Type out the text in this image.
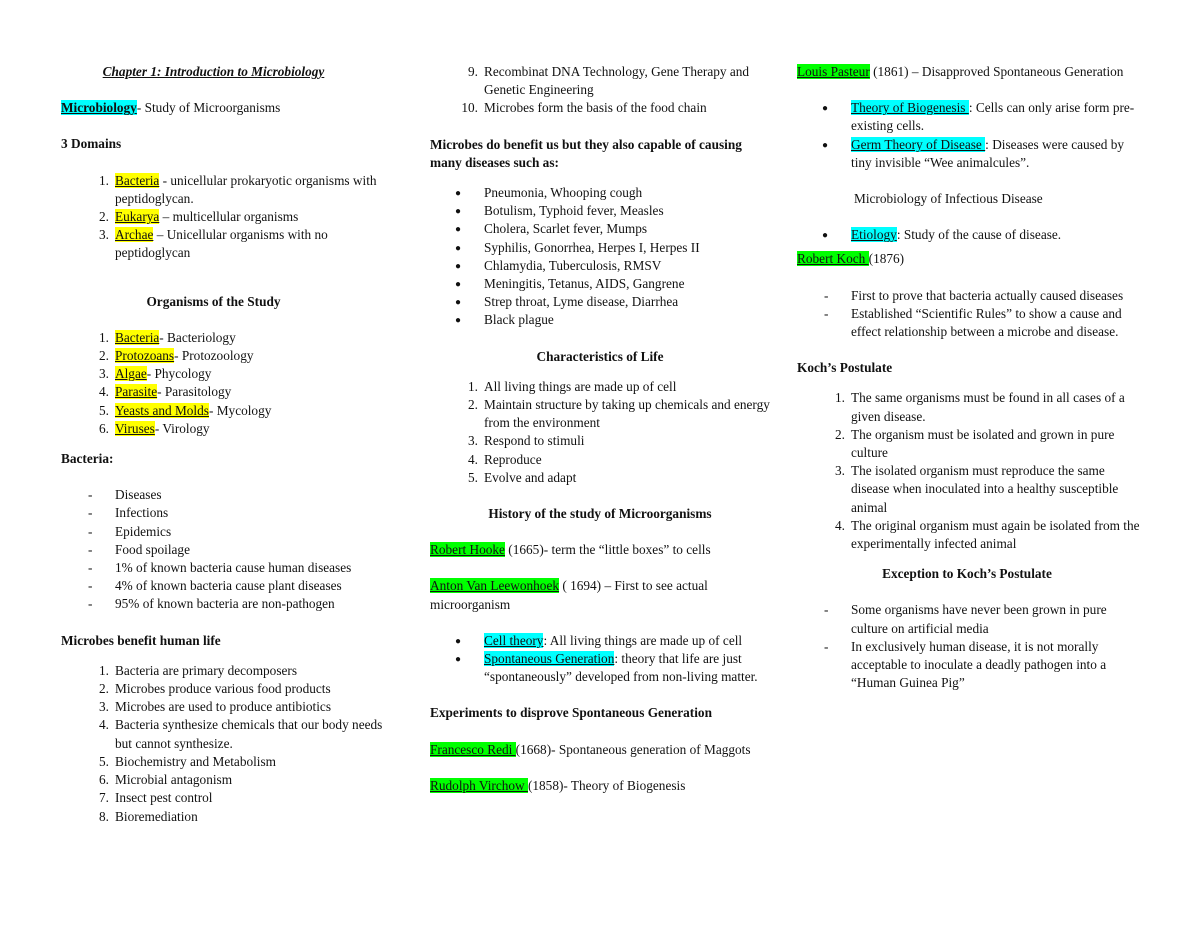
Chapter 1: Introduction to Microbiology

Microbiology- Study of Microorganisms

3 Domains

1. Bacteria - unicellular prokaryotic organisms with peptidoglycan.
2. Eukarya – multicellular organisms
3. Archae – Unicellular organisms with no peptidoglycan

Organisms of the Study

1. Bacteria- Bacteriology
2. Protozoans- Protozoology
3. Algae- Phycology
4. Parasite- Parasitology
5. Yeasts and Molds- Mycology
6. Viruses- Virology

Bacteria:

- Diseases
- Infections
- Epidemics
- Food spoilage
- 1% of known bacteria cause human diseases
- 4% of known bacteria cause plant diseases
- 95% of known bacteria are non-pathogen

Microbes benefit human life

1. Bacteria are primary decomposers
2. Microbes produce various food products
3. Microbes are used to produce antibiotics
4. Bacteria synthesize chemicals that our body needs but cannot synthesize.
5. Biochemistry and Metabolism
6. Microbial antagonism
7. Insect pest control
8. Bioremediation
9. Recombinat DNA Technology, Gene Therapy and Genetic Engineering
10. Microbes form the basis of the food chain

Microbes do benefit us but they also capable of causing many diseases such as:

● Pneumonia, Whooping cough
● Botulism, Typhoid fever, Measles
● Cholera, Scarlet fever, Mumps
● Syphilis, Gonorrhea, Herpes I, Herpes II
● Chlamydia, Tuberculosis, RMSV
● Meningitis, Tetanus, AIDS, Gangrene
● Strep throat, Lyme disease, Diarrhea
● Black plague

Characteristics of Life

1. All living things are made up of cell
2. Maintain structure by taking up chemicals and energy from the environment
3. Respond to stimuli
4. Reproduce
5. Evolve and adapt

History of the study of Microorganisms

Robert Hooke (1665)- term the “little boxes” to cells

Anton Van Leewonhoek ( 1694) – First to see actual microorganism

● Cell theory: All living things are made up of cell
● Spontaneous Generation: theory that life are just “spontaneously” developed from non-living matter.

Experiments to disprove Spontaneous Generation

Francesco Redi (1668)- Spontaneous generation of Maggots

Rudolph Virchow (1858)- Theory of Biogenesis

Louis Pasteur (1861) – Disapproved Spontaneous Generation

● Theory of Biogenesis : Cells can only arise form pre-existing cells.
● Germ Theory of Disease : Diseases were caused by tiny invisible “Wee animalcules”.

Microbiology of Infectious Disease

● Etiology: Study of the cause of disease.

Robert Koch (1876)

- First to prove that bacteria actually caused diseases
- Established “Scientific Rules” to show a cause and effect relationship between a microbe and disease.

Koch’s Postulate

1. The same organisms must be found in all cases of a given disease.
2. The organism must be isolated and grown in pure culture
3. The isolated organism must reproduce the same disease when inoculated into a healthy susceptible animal
4. The original organism must again be isolated from the experimentally infected animal

Exception to Koch’s Postulate

- Some organisms have never been grown in pure culture on artificial media
- In exclusively human disease, it is not morally acceptable to inoculate a deadly pathogen into a “Human Guinea Pig”
